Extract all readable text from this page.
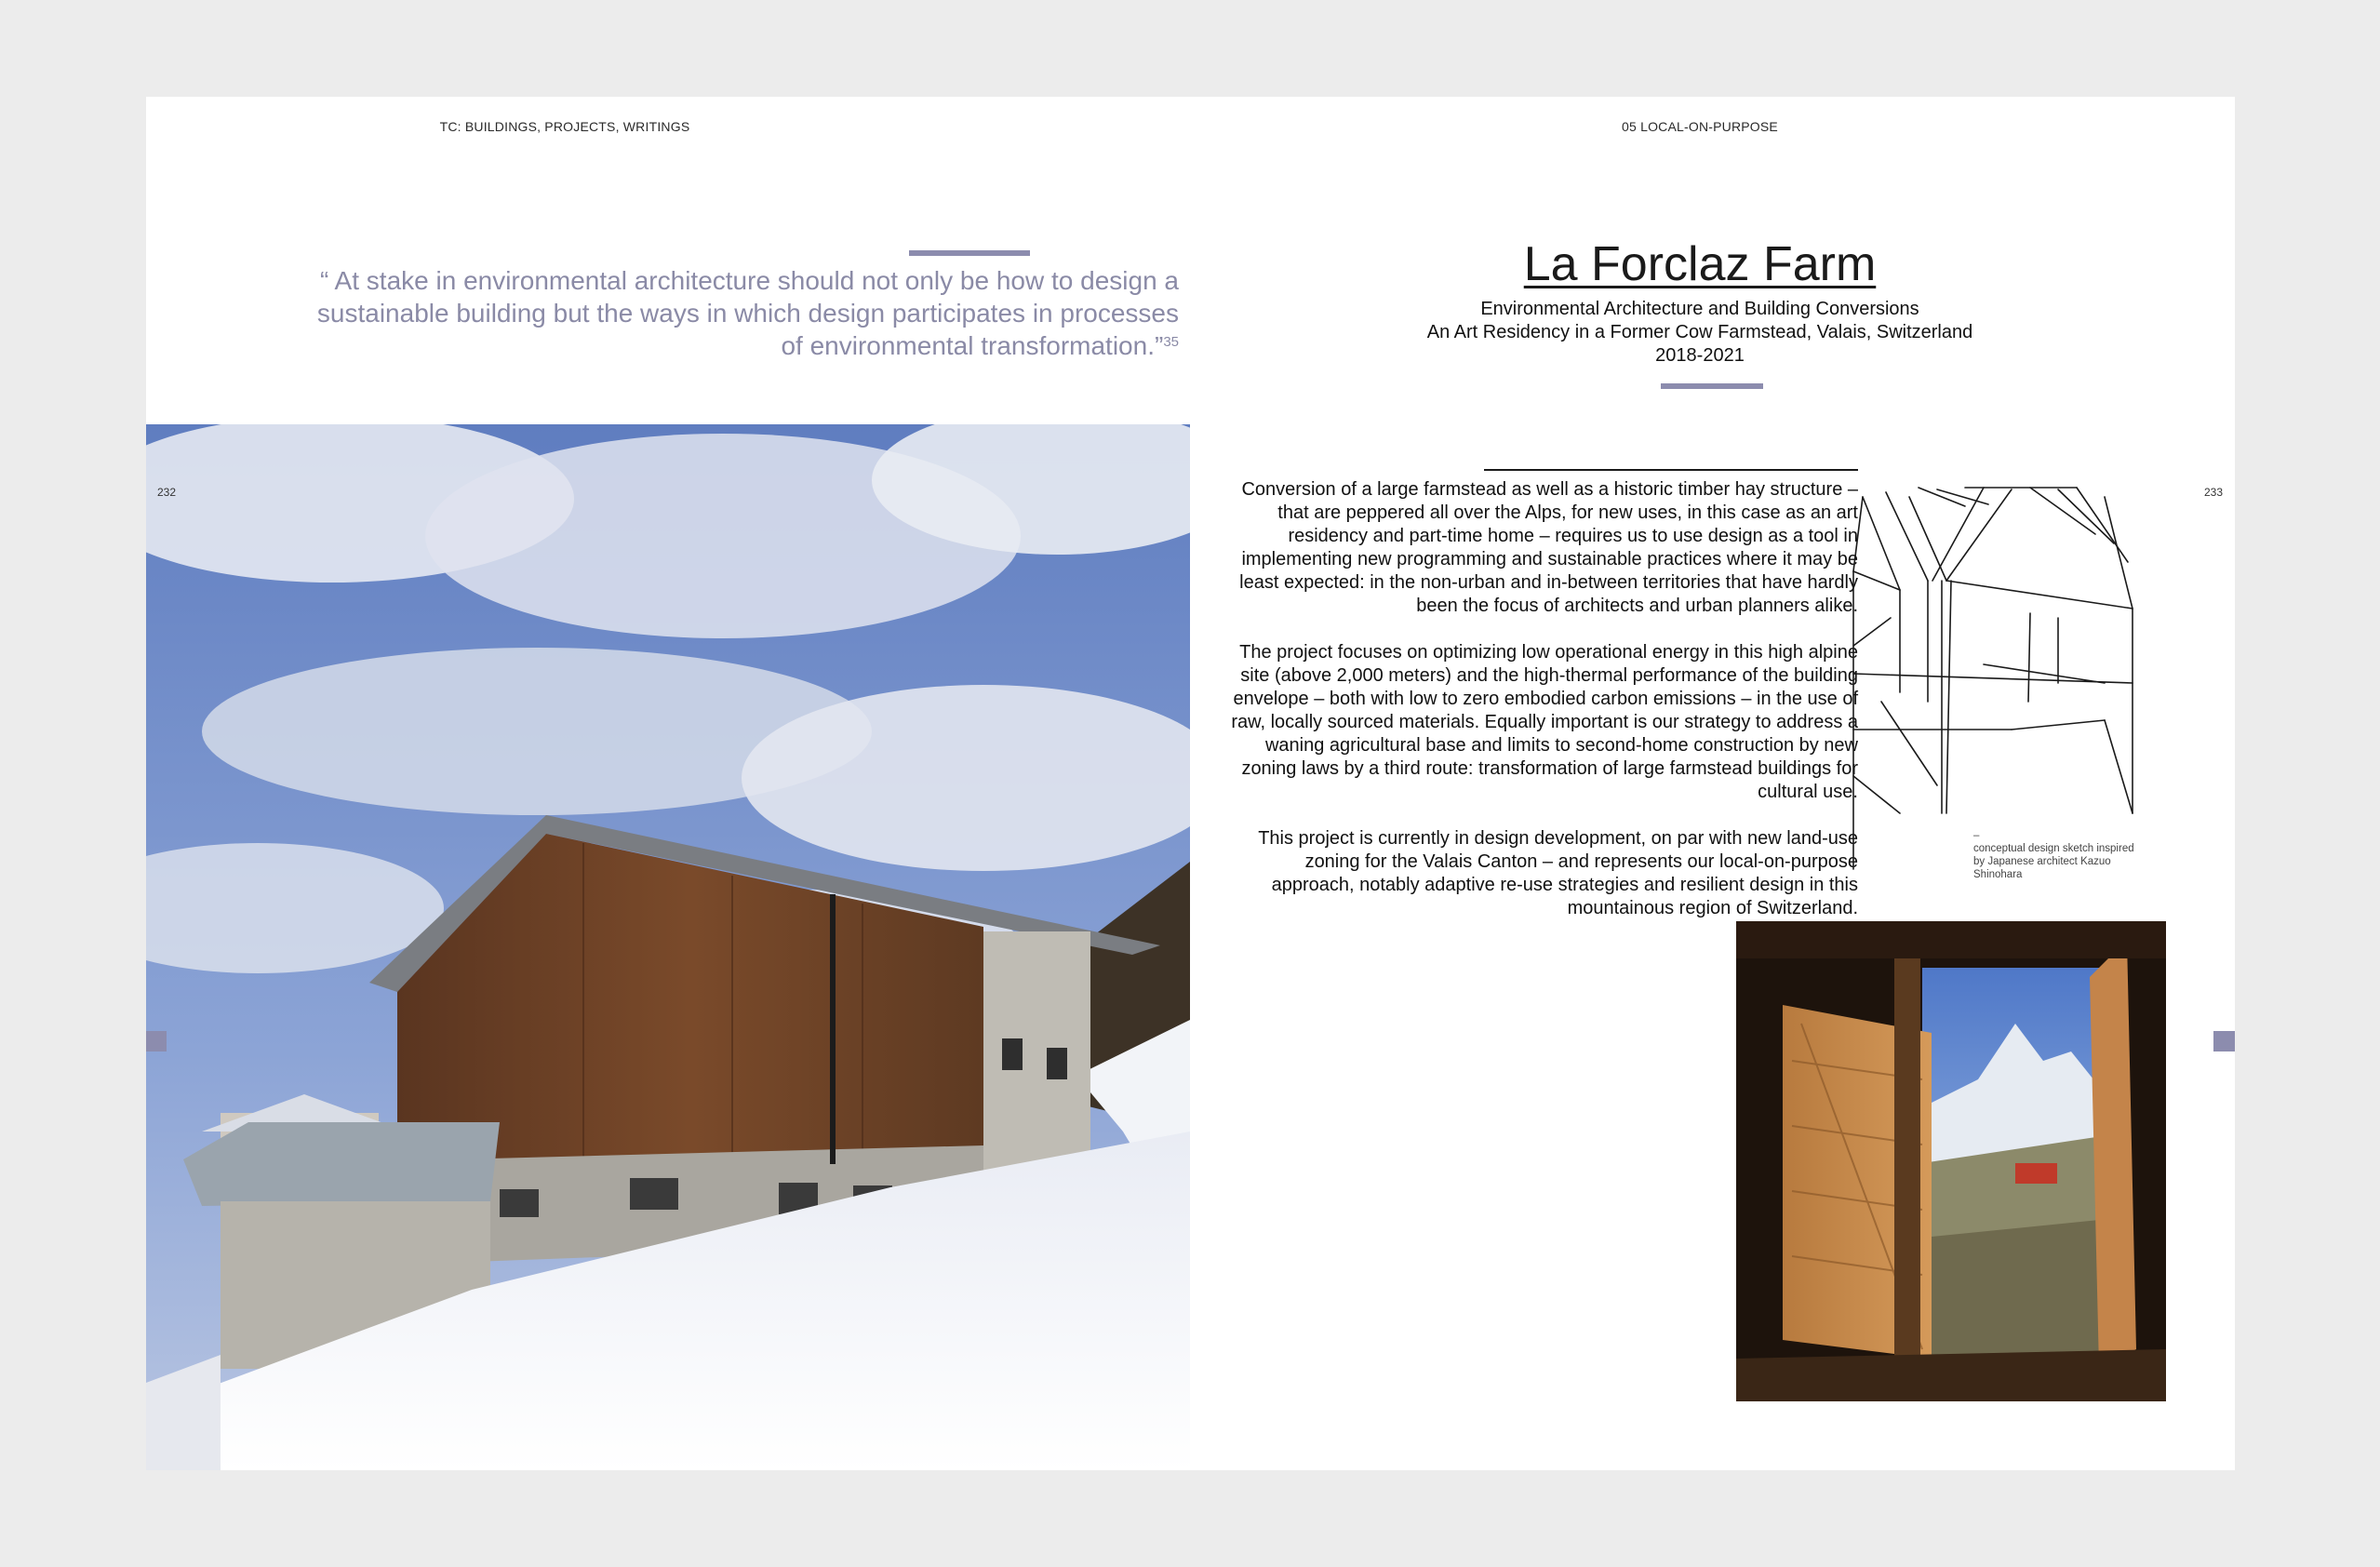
TC: BUILDINGS, PROJECTS, WRITINGS	05 LOCAL-ON-PURPOSE
“ At stake in environmental architecture should not only be how to design a sustainable building but the ways in which design participates in processes of environmental transformation.”$^{35}$
232	233
La Forclaz Farm
Environmental Architecture and Building Conversions
An Art Residency in a Former Cow Farmstead, Valais, Switzerland
2018-2021

Conversion of a large farmstead as well as a historic timber hay structure – that are peppered all over the Alps, for new uses, in this case as an art residency and part-time home – requires us to use design as a tool in implementing new programming and sustainable practices where it may be least expected: in the non-urban and in-between territories that have hardly been the focus of architects and urban planners alike.

The project focuses on optimizing low operational energy in this high alpine site (above 2,000 meters) and the high-thermal performance of the building envelope – both with low to zero embodied carbon emissions – in the use of raw, locally sourced materials. Equally important is our strategy to address a waning agricultural base and limits to second-home construction by new zoning laws by a third route: transformation of large farmstead buildings for cultural use.

This project is currently in design development, on par with new land-use zoning for the Valais Canton – and represents our local-on-purpose approach, notably adaptive re-use strategies and resilient design in this mountainous region of Switzerland.

–
conceptual design sketch inspired
by Japanese architect Kazuo
Shinohara
